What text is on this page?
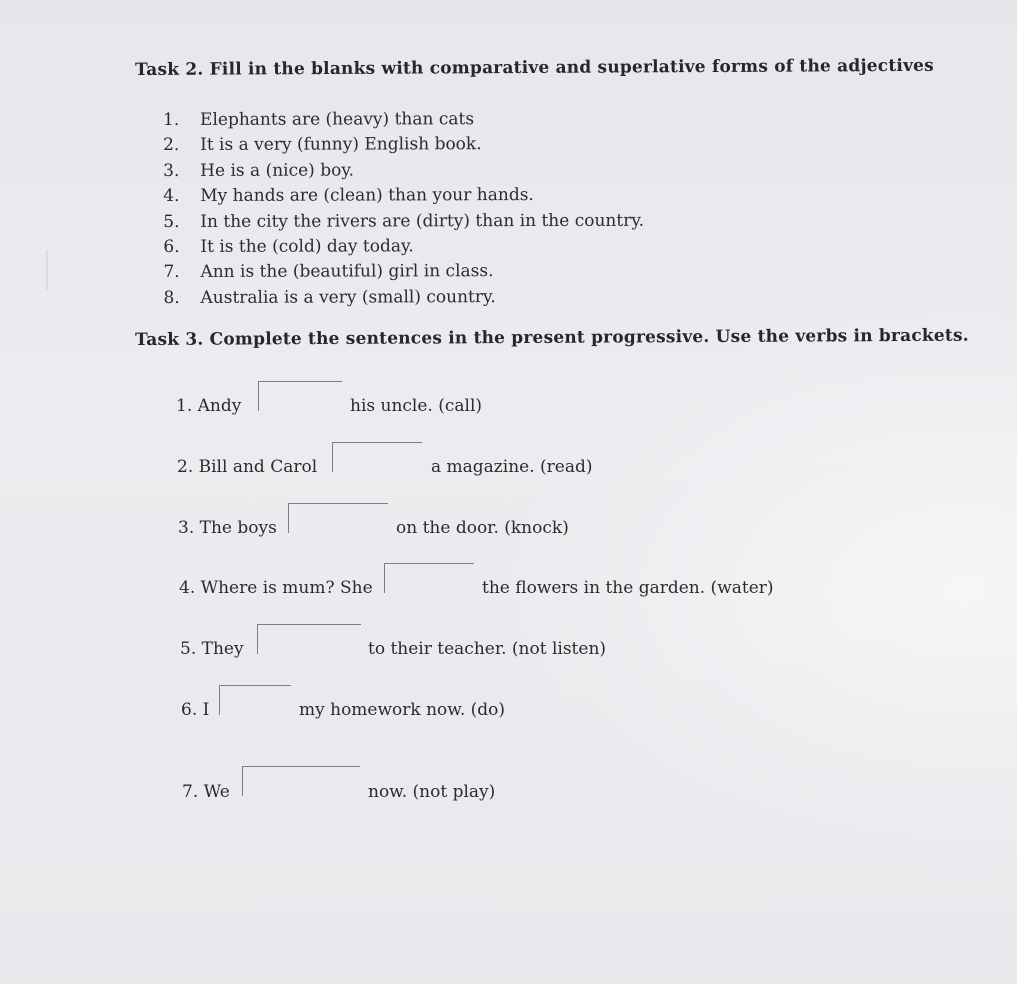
Task 2. Fill in the blanks with comparative and superlative forms of the adjectives
1.	Elephants are (heavy) than cats
2.	It is a very (funny) English book.
3.	He is a (nice) boy.
4.	My hands are (clean) than your hands.
5.	In the city the rivers are (dirty) than in the country.
6.	It is the (cold) day today.
7.	Ann is the (beautiful) girl in class.
8.	Australia is a very (small) country.
Task 3. Complete the sentences in the present progressive. Use the verbs in brackets.
1. Andy	his uncle. (call)
2. Bill and Carol	a magazine. (read)
3. The boys	on the door. (knock)
4. Where is mum? She	the flowers in the garden. (water)
5. They	to their teacher. (not listen)
6. I	my homework now. (do)
7. We	now. (not play)
